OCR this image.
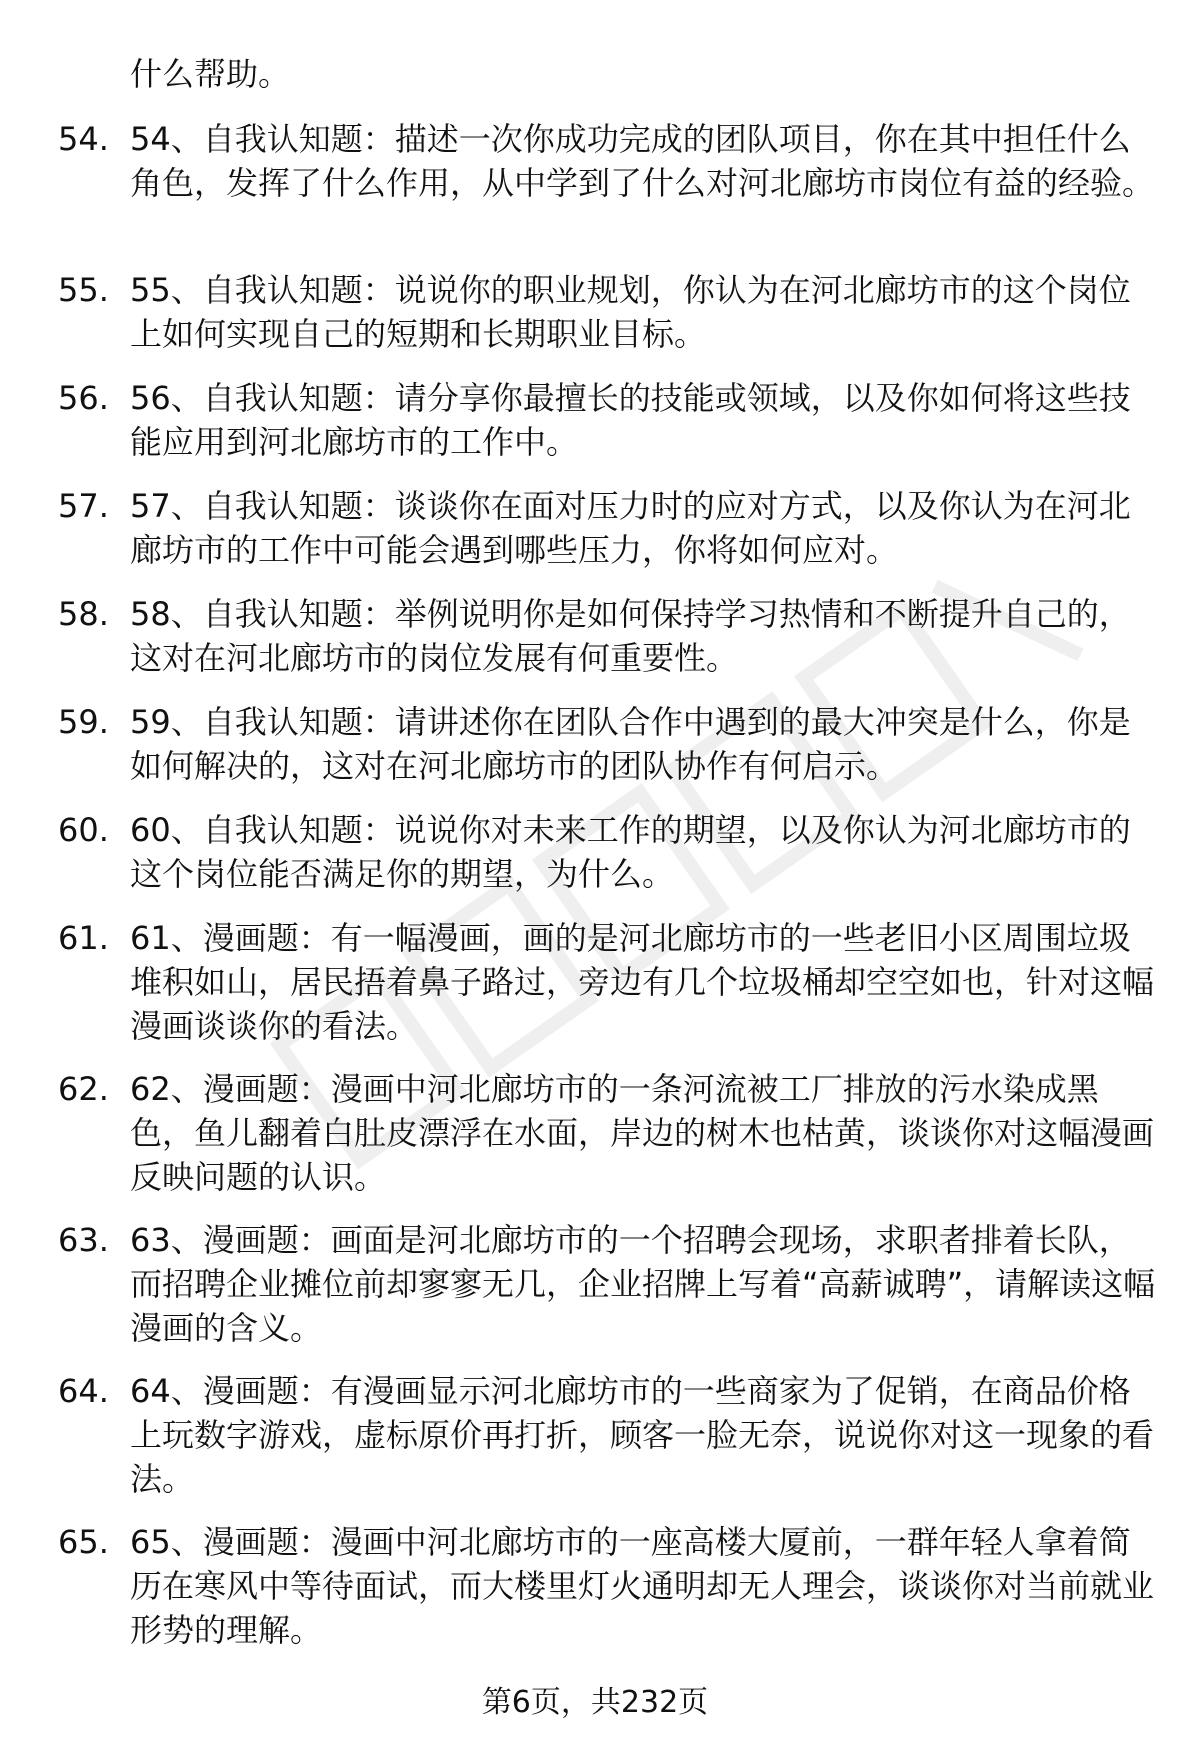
什么帮助。
54. 54、自我认知题：描述一次你成功完成的团队项目，你在其中担任什么角色，发挥了什么作用，从中学到了什么对河北廊坊市岗位有益的经验。
55. 55、自我认知题：说说你的职业规划，你认为在河北廊坊市的这个岗位上如何实现自己的短期和长期职业目标。
56. 56、自我认知题：请分享你最擅长的技能或领域，以及你如何将这些技能应用到河北廊坊市的工作中。
57. 57、自我认知题：谈谈你在面对压力时的应对方式，以及你认为在河北廊坊市的工作中可能会遇到哪些压力，你将如何应对。
58. 58、自我认知题：举例说明你是如何保持学习热情和不断提升自己的，这对在河北廊坊市的岗位发展有何重要性。
59. 59、自我认知题：请讲述你在团队合作中遇到的最大冲突是什么，你是如何解决的，这对在河北廊坊市的团队协作有何启示。
60. 60、自我认知题：说说你对未来工作的期望，以及你认为河北廊坊市的这个岗位能否满足你的期望，为什么。
61. 61、漫画题：有一幅漫画，画的是河北廊坊市的一些老旧小区周围垃圾堆积如山，居民捂着鼻子路过，旁边有几个垃圾桶却空空如也，针对这幅漫画谈谈你的看法。
62. 62、漫画题：漫画中河北廊坊市的一条河流被工厂排放的污水染成黑色，鱼儿翻着白肚皮漂浮在水面，岸边的树木也枯黄，谈谈你对这幅漫画反映问题的认识。
63. 63、漫画题：画面是河北廊坊市的一个招聘会现场，求职者排着长队，而招聘企业摊位前却寥寥无几，企业招牌上写着“高薪诚聘”，请解读这幅漫画的含义。
64. 64、漫画题：有漫画显示河北廊坊市的一些商家为了促销，在商品价格上玩数字游戏，虚标原价再打折，顾客一脸无奈，说说你对这一现象的看法。
65. 65、漫画题：漫画中河北廊坊市的一座高楼大厦前，一群年轻人拿着简历在寒风中等待面试，而大楼里灯火通明却无人理会，谈谈你对当前就业形势的理解。
第6页，共232页
